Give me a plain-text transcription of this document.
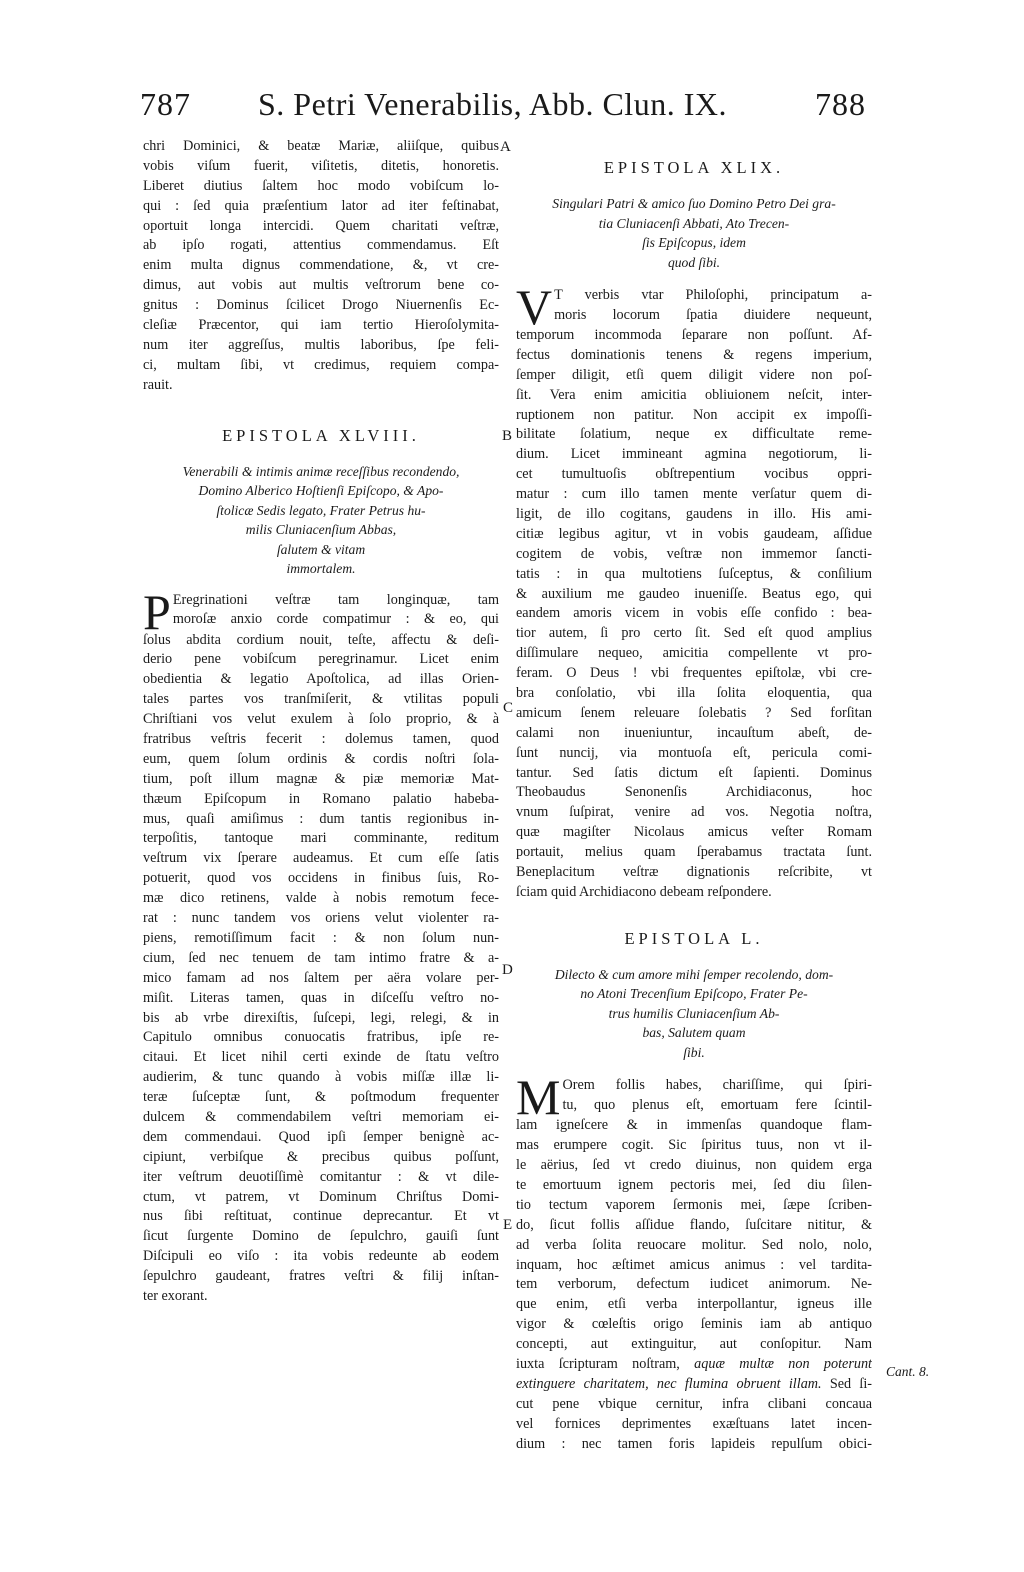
787 S. Petri Venerabilis, Abb. Clun. IX.	788
chri Dominici, & beatæ Mariæ, aliiſque, quibus
vobis viſum fuerit, viſitetis, ditetis, honoretis.
Liberet diutius ſaltem hoc modo vobiſcum lo-
qui : ſed quia præſentium lator ad iter feſtinabat,
oportuit longa intercidi. Quem charitati veſtræ,
ab ipſo rogati, attentius commendamus. Eſt
enim multa dignus commendatione, &, vt cre-
dimus, aut vobis aut multis veſtrorum bene co-
gnitus : Dominus ſcilicet Drogo Niuernenſis Ec-
cleſiæ Præcentor, qui iam tertio Hieroſolymita-
num iter aggreſſus, multis laboribus, ſpe feli-
ci, multam ſibi, vt credimus, requiem compa-
rauit.
EPISTOLA XLVIII.
Venerabili & intimis animæ receſſibus recondendo,
Domino Alberico Hoſtienſi Epiſcopo, & Apo-
ſtolicæ Sedis legato, Frater Petrus hu-
milis Cluniacenſium Abbas,
ſalutem & vitam
immortalem.
P Eregrinationi veſtræ tam longinquæ, tam
moroſæ anxio corde compatimur : & eo, qui
ſolus abdita cordium nouit, teſte, affectu & deſi-
derio pene vobiſcum peregrinamur. Licet enim
obedientia & legatio Apoſtolica, ad illas Orien-
tales partes vos tranſmiſerit, & vtilitas populi
Chriſtiani vos velut exulem à ſolo proprio, & à
fratribus veſtris fecerit : dolemus tamen, quod
eum, quem ſolum ordinis & cordis noſtri ſola-
tium, poſt illum magnæ & piæ memoriæ Mat-
thæum Epiſcopum in Romano palatio habeba-
mus, quaſi amiſimus : dum tantis regionibus in-
terpoſitis, tantoque mari comminante, reditum
veſtrum vix ſperare audeamus. Et cum eſſe ſatis
potuerit, quod vos occidens in finibus ſuis, Ro-
mæ dico retinens, valde à nobis remotum fece-
rat : nunc tandem vos oriens velut violenter ra-
piens, remotiſſimum facit : & non ſolum nun-
cium, ſed nec tenuem de tam intimo fratre & a-
mico famam ad nos ſaltem per aëra volare per-
miſit. Literas tamen, quas in diſceſſu veſtro no-
bis ab vrbe direxiſtis, ſuſcepi, legi, relegi, & in
Capitulo omnibus conuocatis fratribus, ipſe re-
citaui. Et licet nihil certi exinde de ſtatu veſtro
audierim, & tunc quando à vobis miſſæ illæ li-
teræ ſuſceptæ ſunt, & poſtmodum frequenter
dulcem & commendabilem veſtri memoriam ei-
dem commendaui. Quod ipſi ſemper benignè ac-
cipiunt, verbiſque & precibus quibus poſſunt,
iter veſtrum deuotiſſimè comitantur : & vt dile-
ctum, vt patrem, vt Dominum Chriſtus Domi-
nus ſibi reſtituat, continue deprecantur. Et vt
ſicut ſurgente Domino de ſepulchro, gauiſi ſunt
Diſcipuli eo viſo : ita vobis redeunte ab eodem
ſepulchro gaudeant, fratres veſtri & filij inſtan-
ter exorant.
EPISTOLA XLIX.
Singulari Patri & amico ſuo Domino Petro Dei gra-
tia Cluniacenſi Abbati, Ato Trecen-
ſis Epiſcopus, idem
quod ſibi.
V T verbis vtar Philoſophi, principatum a-
moris locorum ſpatia diuidere nequeunt,
temporum incommoda ſeparare non poſſunt. Af-
fectus dominationis tenens & regens imperium,
ſemper diligit, etſi quem diligit videre non poſ-
ſit. Vera enim amicitia obliuionem neſcit, inter-
ruptionem non patitur. Non accipit ex impoſſi-
bilitate ſolatium, neque ex difficultate reme-
dium. Licet immineant agmina negotiorum, li-
cet tumultuoſis obſtrepentium vocibus oppri-
matur : cum illo tamen mente verſatur quem di-
ligit, de illo cogitans, gaudens in illo. His ami-
citiæ legibus agitur, vt in vobis gaudeam, aſſidue
cogitem de vobis, veſtræ non immemor ſancti-
tatis : in qua multotiens ſuſceptus, & conſilium
& auxilium me gaudeo inueniſſe. Beatus ego, qui
eandem amoris vicem in vobis eſſe confido : bea-
tior autem, ſi pro certo ſit. Sed eſt quod amplius
diſſimulare nequeo, amicitia compellente vt pro-
feram. O Deus ! vbi frequentes epiſtolæ, vbi cre-
bra conſolatio, vbi illa ſolita eloquentia, qua
amicum ſenem releuare ſolebatis ? Sed forſitan
calami non inueniuntur, incauſtum abeſt, de-
ſunt nuncij, via montuoſa eſt, pericula comi-
tantur. Sed ſatis dictum eſt ſapienti. Dominus
Theobaudus Senonenſis Archidiaconus, hoc
vnum ſuſpirat, venire ad vos. Negotia noſtra,
quæ magiſter Nicolaus amicus veſter Romam
portauit, melius quam ſperabamus tractata ſunt.
Beneplacitum veſtræ dignationis reſcribite, vt
ſciam quid Archidiacono debeam reſpondere.
EPISTOLA L.
Dilecto & cum amore mihi ſemper recolendo, dom-
no Atoni Trecenſium Epiſcopo, Frater Pe-
trus humilis Cluniacenſium Ab-
bas, Salutem quam
ſibi.
M Orem follis habes, chariſſime, qui ſpiri-
tu, quo plenus eſt, emortuam fere ſcintil-
lam igneſcere & in immenſas quandoque flam-
mas erumpere cogit. Sic ſpiritus tuus, non vt il-
le aërius, ſed vt credo diuinus, non quidem erga
te emortuum ignem pectoris mei, ſed diu ſilen-
tio tectum vaporem ſermonis mei, ſæpe ſcriben-
do, ſicut follis aſſidue flando, ſuſcitare nititur, &
ad verba ſolita reuocare molitur. Sed nolo, nolo,
inquam, hoc æſtimet amicus animus : vel tardita-
tem verborum, defectum iudicet animorum. Ne-
que enim, etſi verba interpollantur, igneus ille
vigor & cœleſtis origo ſeminis iam ab antiquo
concepti, aut extinguitur, aut conſopitur. Nam
iuxta ſcripturam noſtram, aquæ multæ non poterunt
extinguere charitatem, nec flumina obruent illam. Sed ſi-
cut pene vbique cernitur, infra clibani concaua
vel fornices deprimentes exæſtuans latet incen-
dium : nec tamen foris lapideis repulſum obici-
A
B
C
D
E
Cant. 8.
